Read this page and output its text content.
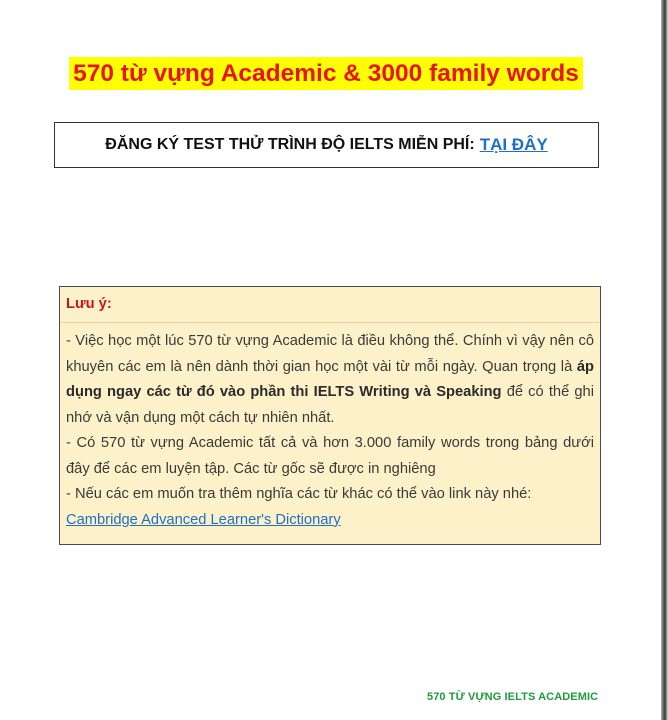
570 từ vựng Academic & 3000 family words
ĐĂNG KÝ TEST THỬ TRÌNH ĐỘ IELTS MIỄN PHÍ: TẠI ĐÂY
Lưu ý:
- Việc học một lúc 570 từ vựng Academic là điều không thể. Chính vì vậy nên cô khuyên các em là nên dành thời gian học một vài từ mỗi ngày. Quan trọng là áp dụng ngay các từ đó vào phần thi IELTS Writing và Speaking để có thể ghi nhớ và vận dụng một cách tự nhiên nhất.
- Có 570 từ vựng Academic tất cả và hơn 3.000 family words trong bảng dưới đây để các em luyện tập. Các từ gốc sẽ được in nghiêng
- Nếu các em muốn tra thêm nghĩa các từ khác có thể vào link này nhé:
Cambridge Advanced Learner's Dictionary
570 TỪ VỰNG IELTS ACADEMIC
